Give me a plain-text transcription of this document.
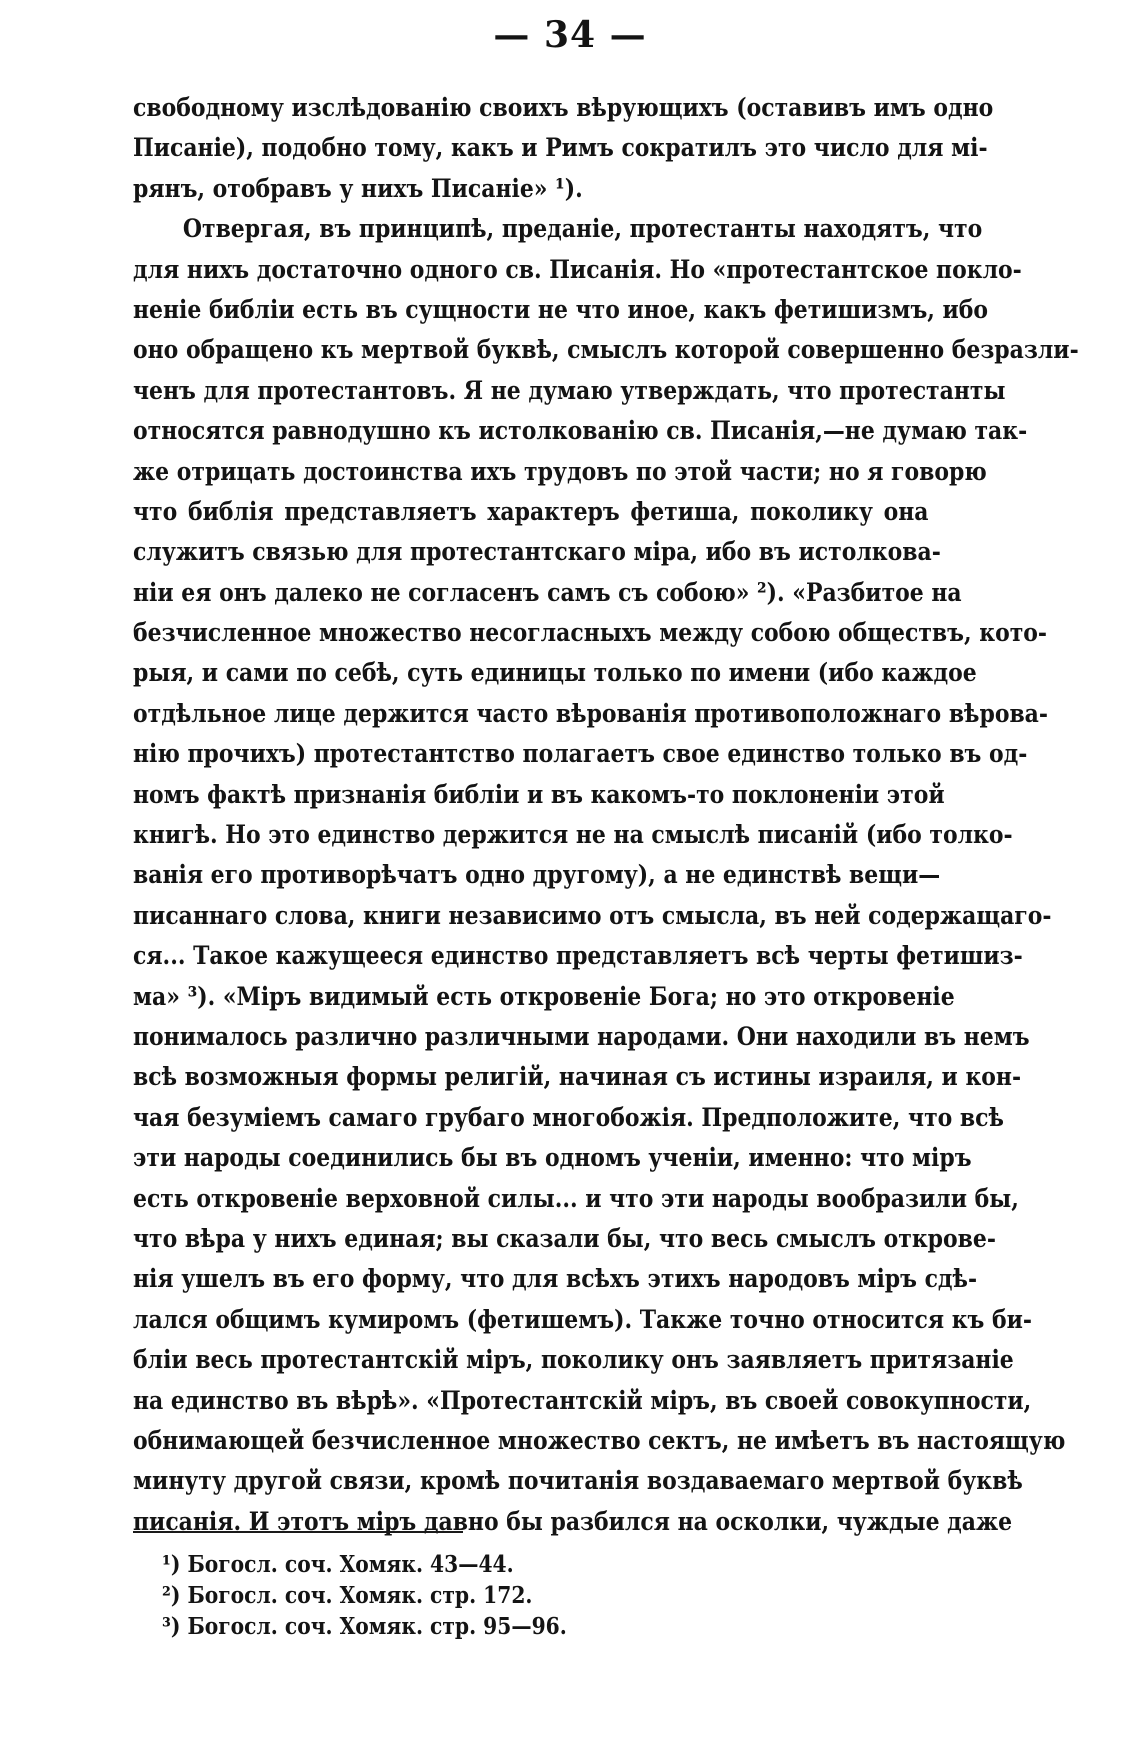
— 34 —
свободному изслѣдованію своихъ вѣрующихъ (оставивъ имъ одно
Писаніе), подобно тому, какъ и Римъ сократилъ это число для мі-
рянъ, отобравъ у нихъ Писаніе» ¹).
Отвергая, въ принципѣ, преданіе, протестанты находятъ, что
для нихъ достаточно одного св. Писанія. Но «протестантское покло-
неніе библіи есть въ сущности не что иное, какъ фетишизмъ, ибо
оно обращено къ мертвой буквѣ, смыслъ которой совершенно безразли-
ченъ для протестантовъ. Я не думаю утверждать, что протестанты
относятся равнодушно къ истолкованію св. Писанія,—не думаю так-
же отрицать достоинства ихъ трудовъ по этой части; но я говорю
что библія представляетъ характеръ фетиша, поколику она
служитъ связью для протестантскаго міра, ибо въ истолкова-
ніи ея онъ далеко не согласенъ самъ съ собою» ²). «Разбитое на
безчисленное множество несогласныхъ между собою обществъ, кото-
рыя, и сами по себѣ, суть единицы только по имени (ибо каждое
отдѣльное лице держится часто вѣрованія противоположнаго вѣрова-
нію прочихъ) протестантство полагаетъ свое единство только въ од-
номъ фактѣ признанія библіи и въ какомъ-то поклоненіи этой
книгѣ. Но это единство держится не на смыслѣ писаній (ибо толко-
ванія его противорѣчатъ одно другому), а не единствѣ вещи—
писаннаго слова, книги независимо отъ смысла, въ ней содержащаго-
ся... Такое кажущееся единство представляетъ всѣ черты фетишиз-
ма» ³). «Міръ видимый есть откровеніе Бога; но это откровеніе
понималось различно различными народами. Они находили въ немъ
всѣ возможныя формы религій, начиная съ истины израиля, и кон-
чая безуміемъ самаго грубаго многобожія. Предположите, что всѣ
эти народы соединились бы въ одномъ ученіи, именно: что міръ
есть откровеніе верховной силы... и что эти народы вообразили бы,
что вѣра у нихъ единая; вы сказали бы, что весь смыслъ открове-
нія ушелъ въ его форму, что для всѣхъ этихъ народовъ міръ сдѣ-
лался общимъ кумиромъ (фетишемъ). Также точно относится къ би-
бліи весь протестантскій міръ, поколику онъ заявляетъ притязаніе
на единство въ вѣрѣ». «Протестантскій міръ, въ своей совокупности,
обнимающей безчисленное множество сектъ, не имѣетъ въ настоящую
минуту другой связи, кромѣ почитанія воздаваемаго мертвой буквѣ
писанія. И этотъ міръ давно бы разбился на осколки, чуждые даже
¹) Богосл. соч. Хомяк. 43—44.
²) Богосл. соч. Хомяк. стр. 172.
³) Богосл. соч. Хомяк. стр. 95—96.
